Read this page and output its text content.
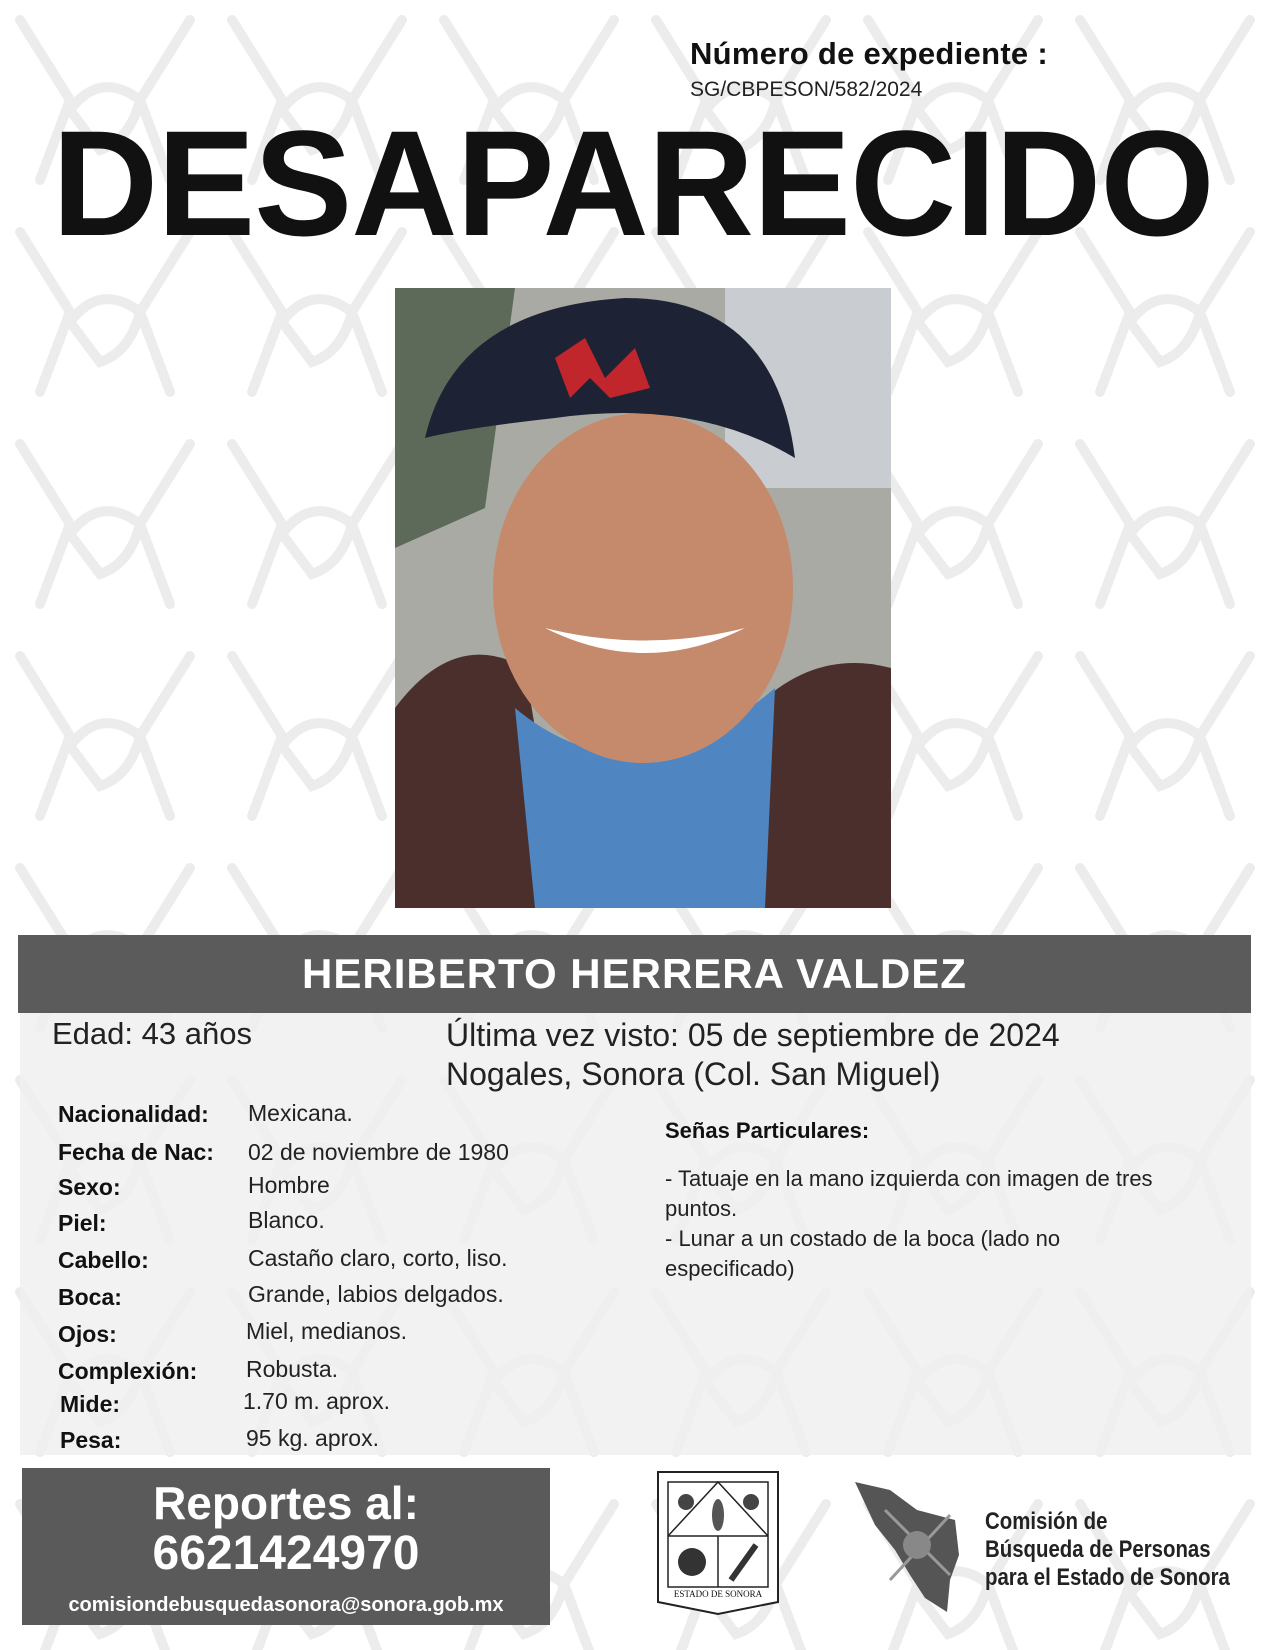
Número de expediente :
SG/CBPESON/582/2024
DESAPARECIDO
HERIBERTO HERRERA VALDEZ
Edad: 43 años	Última vez visto: 05 de septiembre de 2024
Nogales, Sonora (Col. San Miguel)
Nacionalidad: Mexicana.
Fecha de Nac: 02 de noviembre de 1980
Sexo:	Hombre
Piel:	Blanco.
Cabello:	Castaño claro, corto, liso.
Boca:	Grande, labios delgados.
Ojos:	Miel, medianos.
Complexión: Robusta.
Mide:	1.70 m. aprox.
Pesa:	95 kg. aprox.
Señas Particulares:
- Tatuaje en la mano izquierda con imagen de tres
puntos.
- Lunar a un costado de la boca (lado no
especificado)
Reportes al:
6621424970
comisiondebusquedasonora@sonora.gob.mx	ESTADO DE SONORA
Comisión de
Búsqueda de Personas
para el Estado de Sonora
